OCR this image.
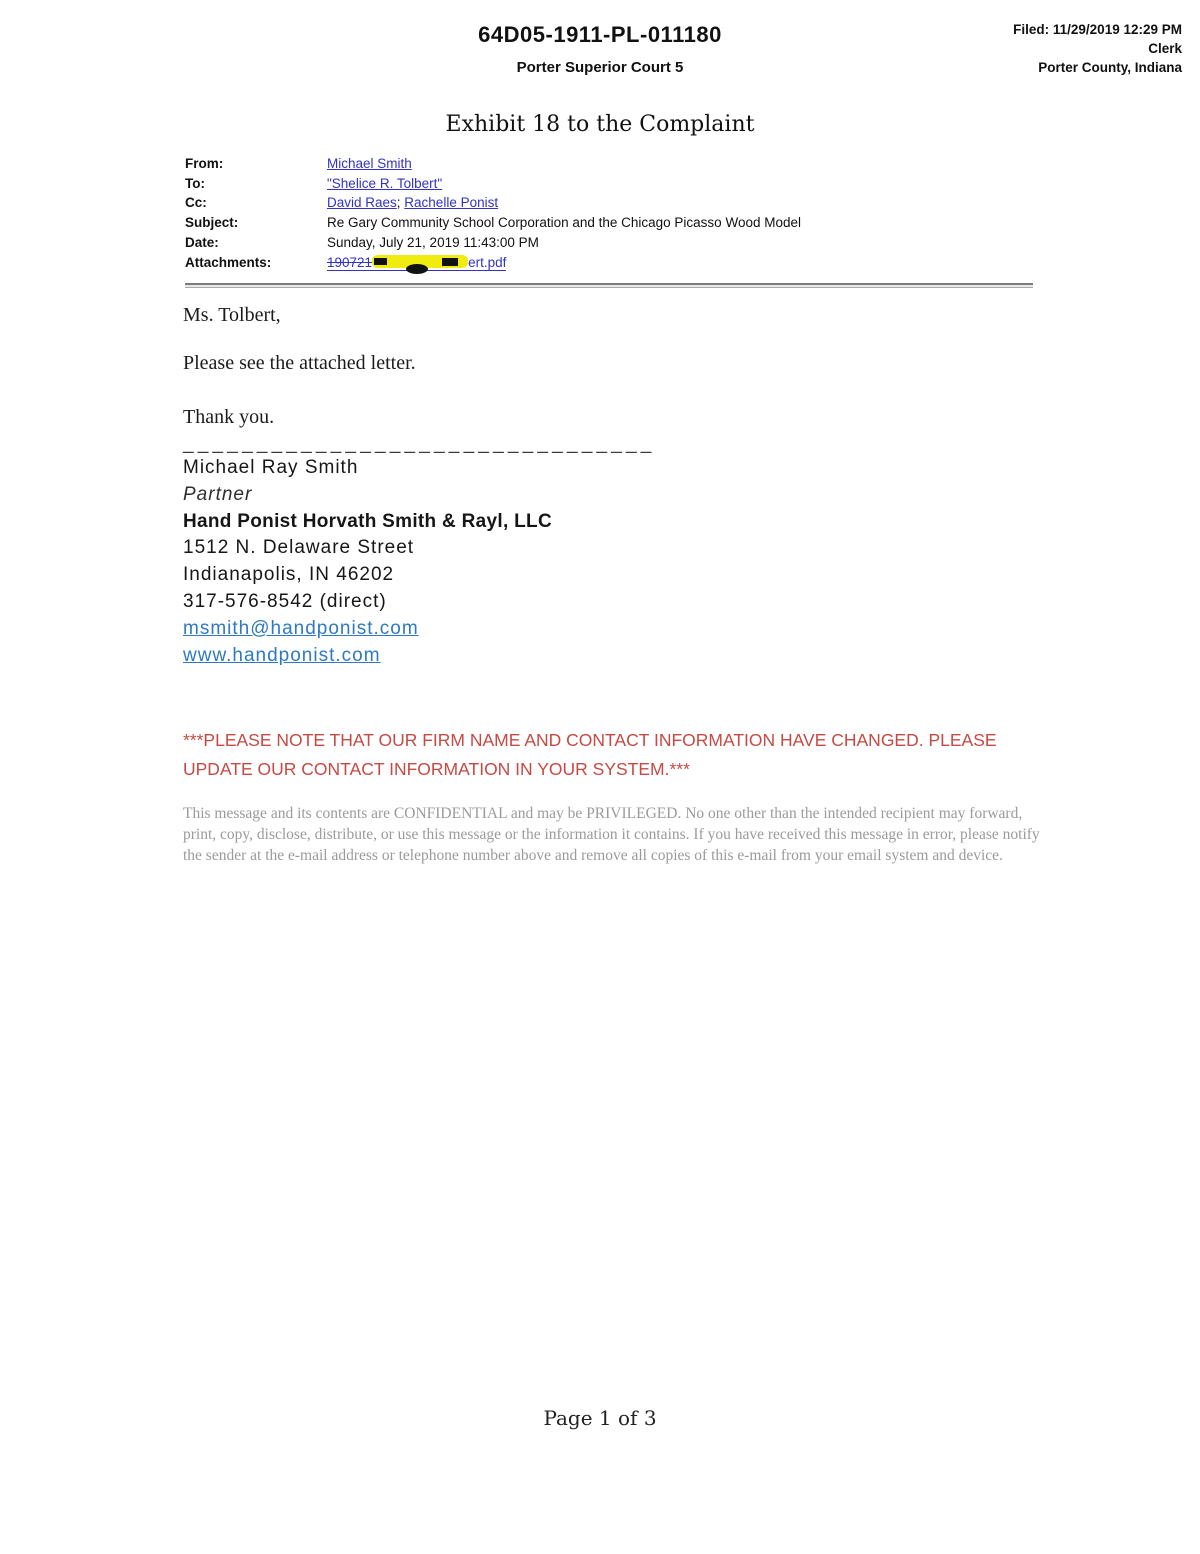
64D05-1911-PL-011180
Porter Superior Court 5
Filed: 11/29/2019 12:29 PM
Clerk
Porter County, Indiana
Exhibit 18 to the Complaint
From:	Michael Smith
To:	"Shelice R. Tolbert"
Cc:	David Raes; Rachelle Ponist
Subject:	Re Gary Community School Corporation and the Chicago Picasso Wood Model
Date:	Sunday, July 21, 2019 11:43:00 PM
Attachments:	190721	ert.pdf

Ms. Tolbert,

Please see the attached letter.

Thank you.

________________________________
Michael Ray Smith
Partner
Hand Ponist Horvath Smith & Rayl, LLC
1512 N. Delaware Street
Indianapolis, IN 46202
317-576-8542 (direct)
msmith@handponist.com
www.handponist.com
***PLEASE NOTE THAT OUR FIRM NAME AND CONTACT INFORMATION HAVE CHANGED. PLEASE UPDATE OUR CONTACT INFORMATION IN YOUR SYSTEM.***
This message and its contents are CONFIDENTIAL and may be PRIVILEGED. No one other than the intended recipient may forward, print, copy, disclose, distribute, or use this message or the information it contains. If you have received this message in error, please notify the sender at the e-mail address or telephone number above and remove all copies of this e-mail from your email system and device.
Page 1 of 3
